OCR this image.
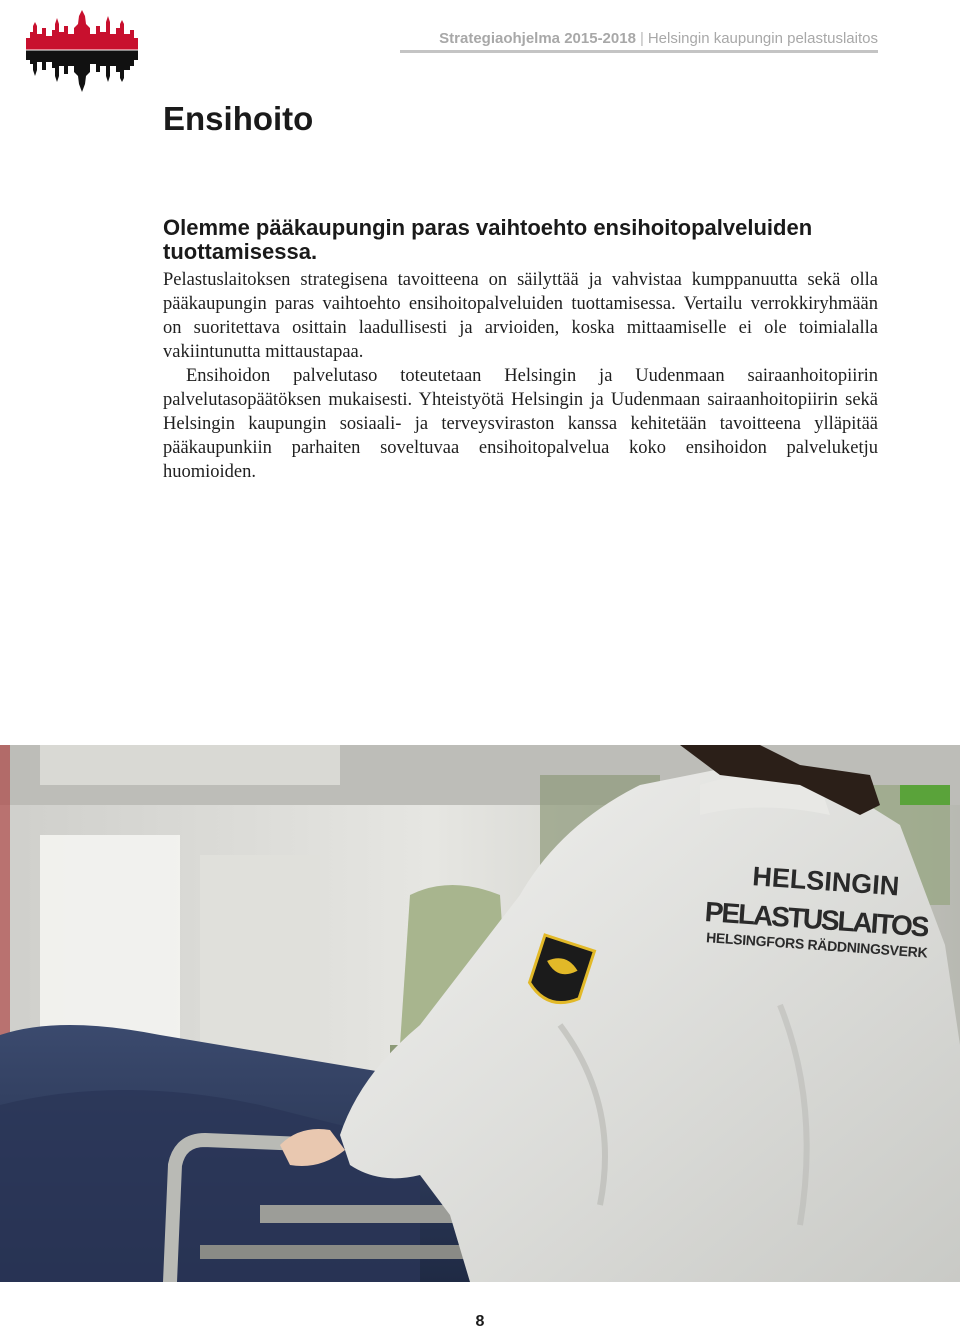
Strategiaohjelma 2015-2018 | Helsingin kaupungin pelastuslaitos
Ensihoito
Olemme pääkaupungin paras vaihtoehto ensihoitopalveluiden tuottamisessa.

Pelastuslaitoksen strategisena tavoitteena on säilyttää ja vahvistaa kumppanuutta sekä olla pääkaupungin paras vaihtoehto ensihoitopalveluiden tuottamisessa. Vertailu verrokkiryhmään on suoritettava osittain laadullisesti ja arvioiden, koska mittaamiselle ei ole toimialalla vakiintunutta mittaustapaa.

Ensihoidon palvelutaso toteutetaan Helsingin ja Uudenmaan sairaanhoitopiirin palvelutasopäätöksen mukaisesti. Yhteistyötä Helsingin ja Uudenmaan sairaanhoitopiirin sekä Helsingin kaupungin sosiaali- ja terveysviraston kanssa kehitetään tavoitteena ylläpitää pääkaupunkiin parhaiten soveltuvaa ensihoitopalvelua koko ensihoidon palveluketju huomioiden.

HELSINGIN
PELASTUSLAITOS
HELSINGFORS RÄDDNINGSVERK
8
